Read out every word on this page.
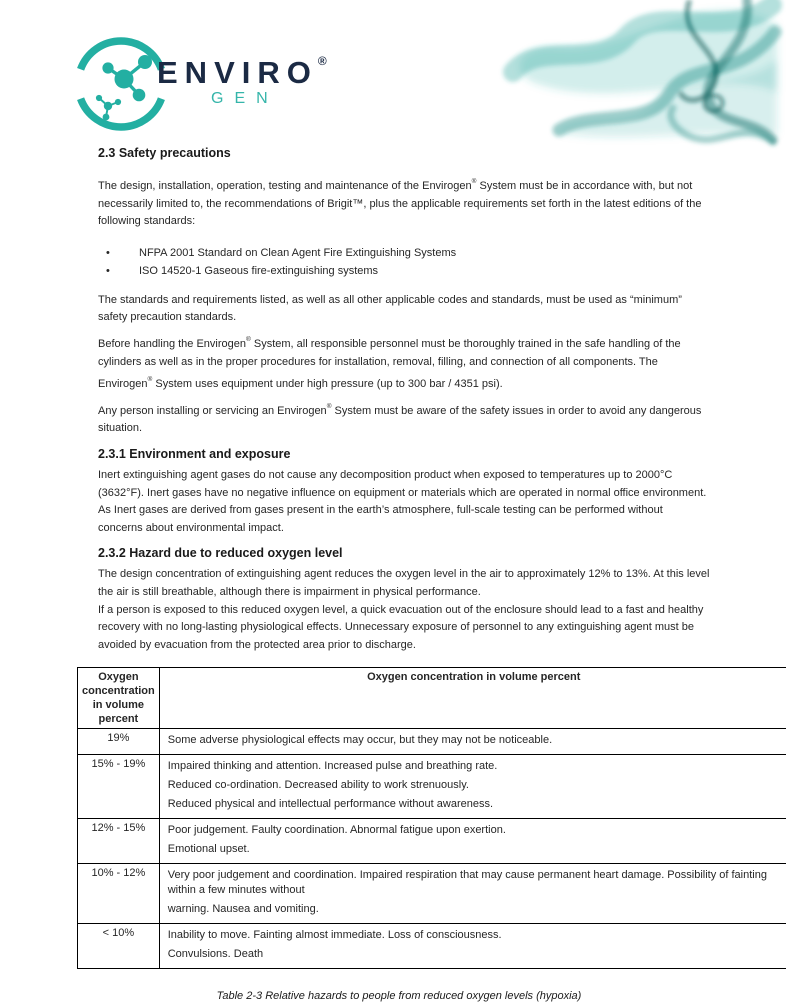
ENVIRO®
GEN
2.3 Safety precautions

The design, installation, operation, testing and maintenance of the Envirogen® System must be in accordance with, but not necessarily limited to, the recommendations of Brigit™, plus the applicable requirements set forth in the latest editions of the following standards:

• NFPA 2001 Standard on Clean Agent Fire Extinguishing Systems
• ISO 14520-1 Gaseous fire-extinguishing systems

The standards and requirements listed, as well as all other applicable codes and standards, must be used as “minimum” safety precaution standards.

Before handling the Envirogen® System, all responsible personnel must be thoroughly trained in the safe handling of the cylinders as well as in the proper procedures for installation, removal, filling, and connection of all components. The Envirogen® System uses equipment under high pressure (up to 300 bar / 4351 psi).

Any person installing or servicing an Envirogen® System must be aware of the safety issues in order to avoid any dangerous situation.

2.3.1 Environment and exposure

Inert extinguishing agent gases do not cause any decomposition product when exposed to temperatures up to 2000°C (3632°F). Inert gases have no negative influence on equipment or materials which are operated in normal office environment. As Inert gases are derived from gases present in the earth’s atmosphere, full-scale testing can be performed without concerns about environmental impact.

2.3.2 Hazard due to reduced oxygen level

The design concentration of extinguishing agent reduces the oxygen level in the air to approximately 12% to 13%. At this level the air is still breathable, although there is impairment in physical performance.

If a person is exposed to this reduced oxygen level, a quick evacuation out of the enclosure should lead to a fast and healthy recovery with no long-lasting physiological effects. Unnecessary exposure of personnel to any extinguishing agent must be avoided by evacuation from the protected area prior to discharge.

Oxygen concentration in volume percent	Oxygen concentration in volume percent
19%	Some adverse physiological effects may occur, but they may not be noticeable.

15% - 19%	Impaired thinking and attention. Increased pulse and breathing rate.

Reduced co-ordination. Decreased ability to work strenuously.

Reduced physical and intellectual performance without awareness.

12% - 15%	Poor judgement. Faulty coordination. Abnormal fatigue upon exertion.

Emotional upset.

10% - 12%	Very poor judgement and coordination. Impaired respiration that may cause permanent heart damage. Possibility of fainting within a few minutes without

warning. Nausea and vomiting.

< 10%	Inability to move. Fainting almost immediate. Loss of consciousness.

Convulsions. Death

Table 2-3 Relative hazards to people from reduced oxygen levels (hypoxia)
